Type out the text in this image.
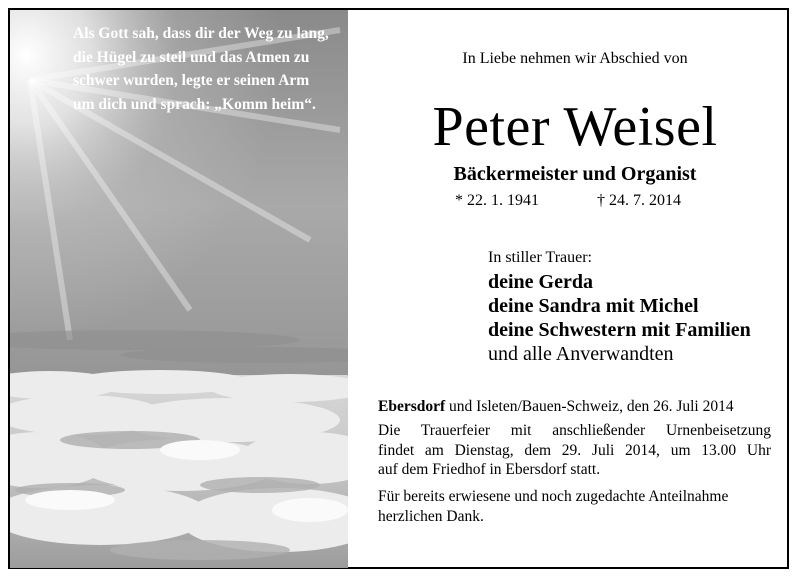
Als Gott sah, dass dir der Weg zu lang,
die Hügel zu steil und das Atmen zu
schwer wurden, legte er seinen Arm
um dich und sprach: „Komm heim“.

In Liebe nehmen wir Abschied von

Peter Weisel

Bäckermeister und Organist

* 22. 1. 1941	† 24. 7. 2014

In stiller Trauer:

deine Gerda
deine Sandra mit Michel
deine Schwestern mit Familien
und alle Anverwandten

Ebersdorf und Isleten/Bauen-Schweiz, den 26. Juli 2014

Die Trauerfeier mit anschließender Urnenbeisetzung
findet am Dienstag, dem 29. Juli 2014, um 13.00 Uhr
auf dem Friedhof in Ebersdorf statt.

Für bereits erwiesene und noch zugedachte Anteilnahme
herzlichen Dank.
